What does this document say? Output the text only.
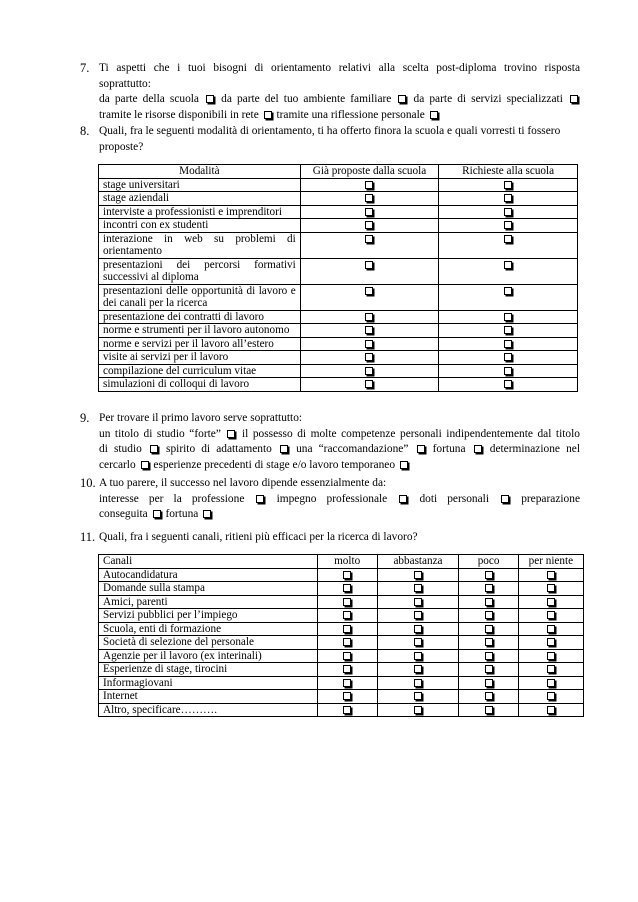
7. Ti aspetti che i tuoi bisogni di orientamento relativi alla scelta post-diploma trovino risposta
soprattutto:
da parte della scuola da parte del tuo ambiente familiare da parte di servizi specializzati
tramite le risorse disponibili in rete tramite una riflessione personale
8. Quali, fra le seguenti modalità di orientamento, ti ha offerto finora la scuola e quali vorresti ti fossero
proposte?
Modalità	Già proposte dalla scuola	Richieste alla scuola

stage universitari		

stage aziendali		

interviste a professionisti e imprenditori		

incontri con ex studenti		

interazione in web su problemi di
orientamento		

presentazioni dei percorsi formativi
successivi al diploma		

presentazioni delle opportunità di lavoro e
dei canali per la ricerca		

presentazione dei contratti di lavoro		

norme e strumenti per il lavoro autonomo		

norme e servizi per il lavoro all’estero		

visite ai servizi per il lavoro		

compilazione del curriculum vitae		

simulazioni di colloqui di lavoro		

9. Per trovare il primo lavoro serve soprattutto:
un titolo di studio “forte” il possesso di molte competenze personali indipendentemente dal titolo
di studio spirito di adattamento una “raccomandazione” fortuna determinazione nel
cercarlo esperienze precedenti di stage e/o lavoro temporaneo
10. A tuo parere, il successo nel lavoro dipende essenzialmente da:
interesse per la professione	impegno professionale	doti personali	preparazione
conseguita fortuna
11. Quali, fra i seguenti canali, ritieni più efficaci per la ricerca di lavoro?
Canali	molto	abbastanza	poco	per niente
Autocandidatura				
Domande sulla stampa				
Amici, parenti				
Servizi pubblici per l’impiego				
Scuola, enti di formazione				
Società di selezione del personale				
Agenzie per il lavoro (ex interinali)				
Esperienze di stage, tirocini				
Informagiovani				
Internet				
Altro, specificare……….				
